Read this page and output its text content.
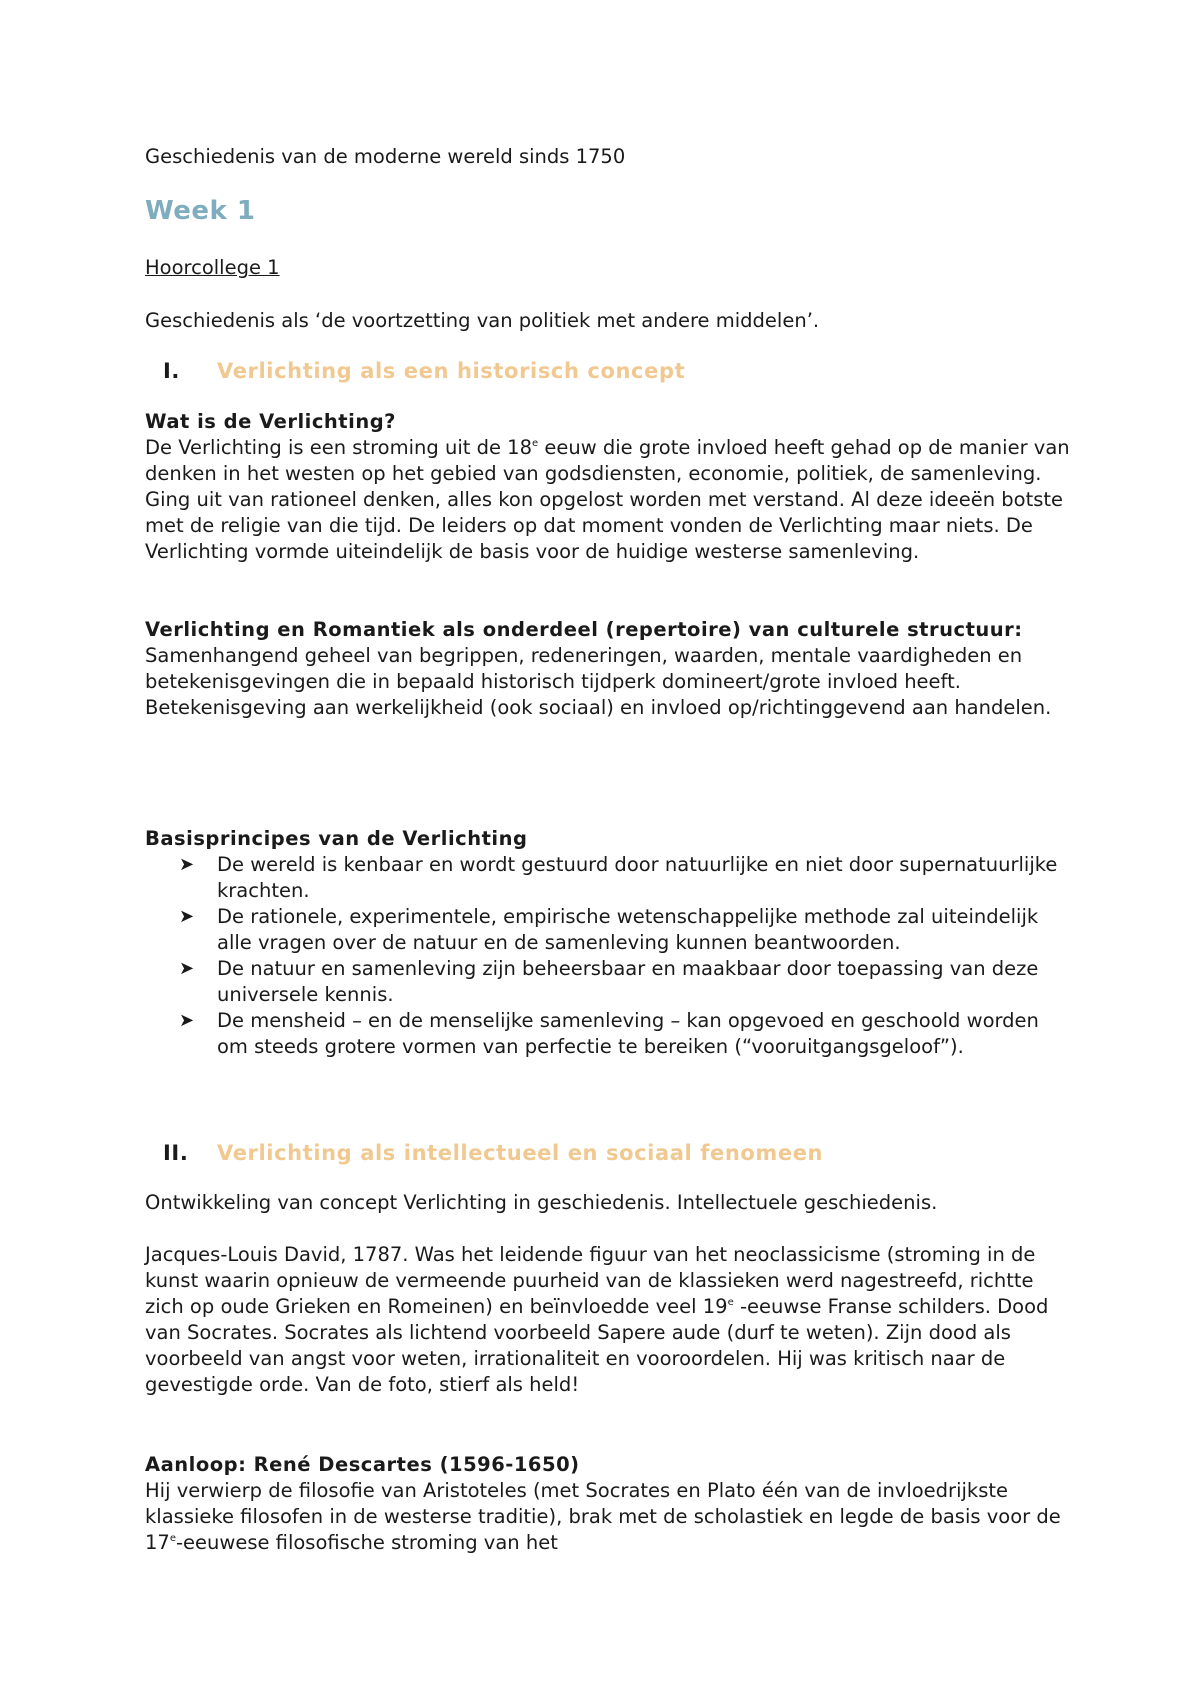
Geschiedenis van de moderne wereld sinds 1750

Week 1

Hoorcollege 1

Geschiedenis als ‘de voortzetting van politiek met andere middelen’.

I.	Verlichting als een historisch concept

Wat is de Verlichting?

De Verlichting is een stroming uit de 18e eeuw die grote invloed heeft gehad op de manier van denken in het westen op het gebied van godsdiensten, economie, politiek, de samenleving. Ging uit van rationeel denken, alles kon opgelost worden met verstand. Al deze ideeën botste met de religie van die tijd. De leiders op dat moment vonden de Verlichting maar niets. De Verlichting vormde uiteindelijk de basis voor de huidige westerse samenleving.

Verlichting en Romantiek als onderdeel (repertoire) van culturele structuur:

Samenhangend geheel van begrippen, redeneringen, waarden, mentale vaardigheden en betekenisgevingen die in bepaald historisch tijdperk domineert/grote invloed heeft.

Betekenisgeving aan werkelijkheid (ook sociaal) en invloed op/richtinggevend aan handelen.

Basisprincipes van de Verlichting

➤ De wereld is kenbaar en wordt gestuurd door natuurlijke en niet door supernatuurlijke krachten.
➤ De rationele, experimentele, empirische wetenschappelijke methode zal uiteindelijk alle vragen over de natuur en de samenleving kunnen beantwoorden.
➤ De natuur en samenleving zijn beheersbaar en maakbaar door toepassing van deze universele kennis.
➤ De mensheid – en de menselijke samenleving – kan opgevoed en geschoold worden om steeds grotere vormen van perfectie te bereiken (“vooruitgangsgeloof”).
II.	Verlichting als intellectueel en sociaal fenomeen

Ontwikkeling van concept Verlichting in geschiedenis. Intellectuele geschiedenis.

Jacques-Louis David, 1787. Was het leidende figuur van het neoclassicisme (stroming in de kunst waarin opnieuw de vermeende puurheid van de klassieken werd nagestreefd, richtte zich op oude Grieken en Romeinen) en beïnvloedde veel 19e -eeuwse Franse schilders. Dood van Socrates. Socrates als lichtend voorbeeld Sapere aude (durf te weten). Zijn dood als voorbeeld van angst voor weten, irrationaliteit en vooroordelen. Hij was kritisch naar de gevestigde orde. Van de foto, stierf als held!

Aanloop: René Descartes (1596-1650)

Hij verwierp de filosofie van Aristoteles (met Socrates en Plato één van de invloedrijkste klassieke filosofen in de westerse traditie), brak met de scholastiek en legde de basis voor de 17e-eeuwese filosofische stroming van het
